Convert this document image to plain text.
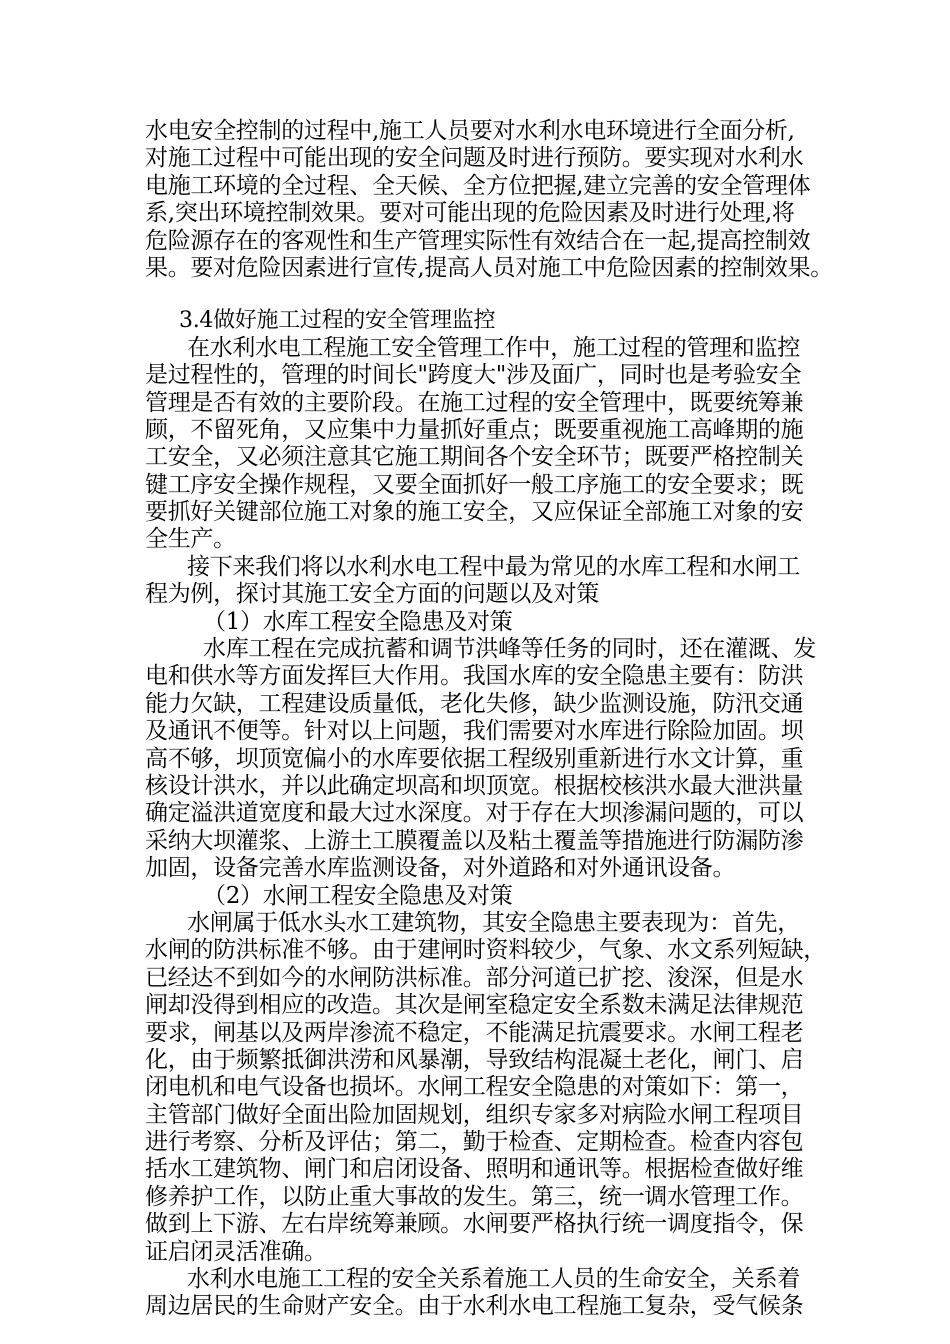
水电安全控制的过程中,施工人员要对水利水电环境进行全面分析,
对施工过程中可能出现的安全问题及时进行预防。要实现对水利水
电施工环境的全过程、全天候、全方位把握,建立完善的安全管理体
系,突出环境控制效果。要对可能出现的危险因素及时进行处理,将
危险源存在的客观性和生产管理实际性有效结合在一起,提高控制效
果。要对危险因素进行宣传,提高人员对施工中危险因素的控制效果。
3.4做好施工过程的安全管理监控
在水利水电工程施工安全管理工作中，施工过程的管理和监控
是过程性的，管理的时间长"跨度大"涉及面广，同时也是考验安全
管理是否有效的主要阶段。在施工过程的安全管理中，既要统筹兼
顾，不留死角，又应集中力量抓好重点；既要重视施工高峰期的施
工安全，又必须注意其它施工期间各个安全环节；既要严格控制关
键工序安全操作规程，又要全面抓好一般工序施工的安全要求；既
要抓好关键部位施工对象的施工安全，又应保证全部施工对象的安
全生产。
接下来我们将以水利水电工程中最为常见的水库工程和水闸工
程为例，探讨其施工安全方面的问题以及对策
（1）水库工程安全隐患及对策
水库工程在完成抗蓄和调节洪峰等任务的同时，还在灌溉、发
电和供水等方面发挥巨大作用。我国水库的安全隐患主要有：防洪
能力欠缺，工程建设质量低，老化失修，缺少监测设施，防汛交通
及通讯不便等。针对以上问题，我们需要对水库进行除险加固。坝
高不够，坝顶宽偏小的水库要依据工程级别重新进行水文计算，重
核设计洪水，并以此确定坝高和坝顶宽。根据校核洪水最大泄洪量
确定溢洪道宽度和最大过水深度。对于存在大坝渗漏问题的，可以
采纳大坝灌浆、上游土工膜覆盖以及粘土覆盖等措施进行防漏防渗
加固，设备完善水库监测设备，对外道路和对外通讯设备。
（2）水闸工程安全隐患及对策
水闸属于低水头水工建筑物，其安全隐患主要表现为：首先，
水闸的防洪标准不够。由于建闸时资料较少，气象、水文系列短缺，
已经达不到如今的水闸防洪标准。部分河道已扩挖、浚深，但是水
闸却没得到相应的改造。其次是闸室稳定安全系数未满足法律规范
要求，闸基以及两岸渗流不稳定，不能满足抗震要求。水闸工程老
化，由于频繁抵御洪涝和风暴潮，导致结构混凝土老化，闸门、启
闭电机和电气设备也损坏。水闸工程安全隐患的对策如下：第一，
主管部门做好全面出险加固规划，组织专家多对病险水闸工程项目
进行考察、分析及评估；第二，勤于检查、定期检查。检查内容包
括水工建筑物、闸门和启闭设备、照明和通讯等。根据检查做好维
修养护工作，以防止重大事故的发生。第三，统一调水管理工作。
做到上下游、左右岸统筹兼顾。水闸要严格执行统一调度指令，保
证启闭灵活准确。
水利水电施工工程的安全关系着施工人员的生命安全，关系着
周边居民的生命财产安全。由于水利水电工程施工复杂，受气候条
